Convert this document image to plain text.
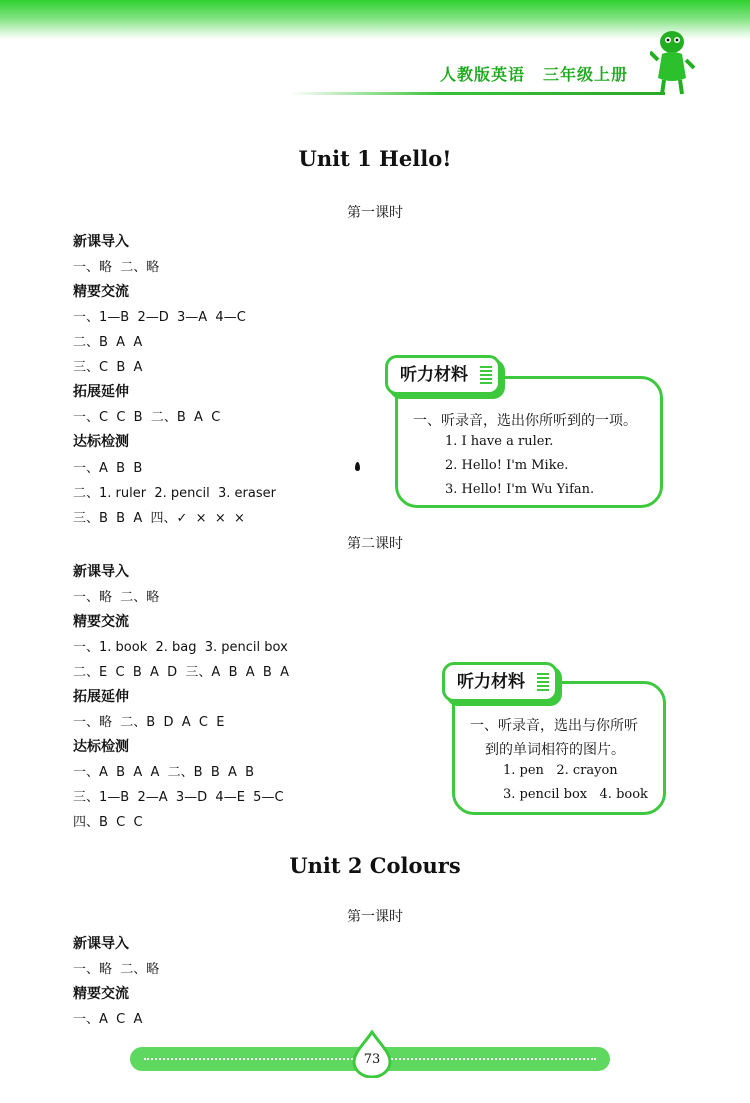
人教版英语 三年级上册
Unit 1 Hello!
第一课时
新课导入
一、略  二、略
精要交流
一、1—B  2—D  3—A  4—C
二、B  A  A
三、C  B  A
拓展延伸
一、C  C  B  二、B  A  C
达标检测
一、A  B  B
二、1. ruler  2. pencil  3. eraser
三、B  B  A  四、✓  ×  ×  ×
第二课时
新课导入
一、略  二、略
精要交流
一、1. book  2. bag  3. pencil box
二、E  C  B  A  D  三、A  B  A  B  A
拓展延伸
一、略  二、B  D  A  C  E
达标检测
一、A  B  A  A  二、B  B  A  B
三、1—B  2—A  3—D  4—E  5—C
四、B  C  C
Unit 2 Colours
第一课时
新课导入
一、略  二、略
精要交流
一、A  C  A
听力材料
一、听录音，选出你所听到的一项。
1. I have a ruler.
2. Hello! I'm Mike.
3. Hello! I'm Wu Yifan.
听力材料
一、听录音，选出与你所听
到的单词相符的图片。
1. pen   2. crayon
3. pencil box   4. book
73
